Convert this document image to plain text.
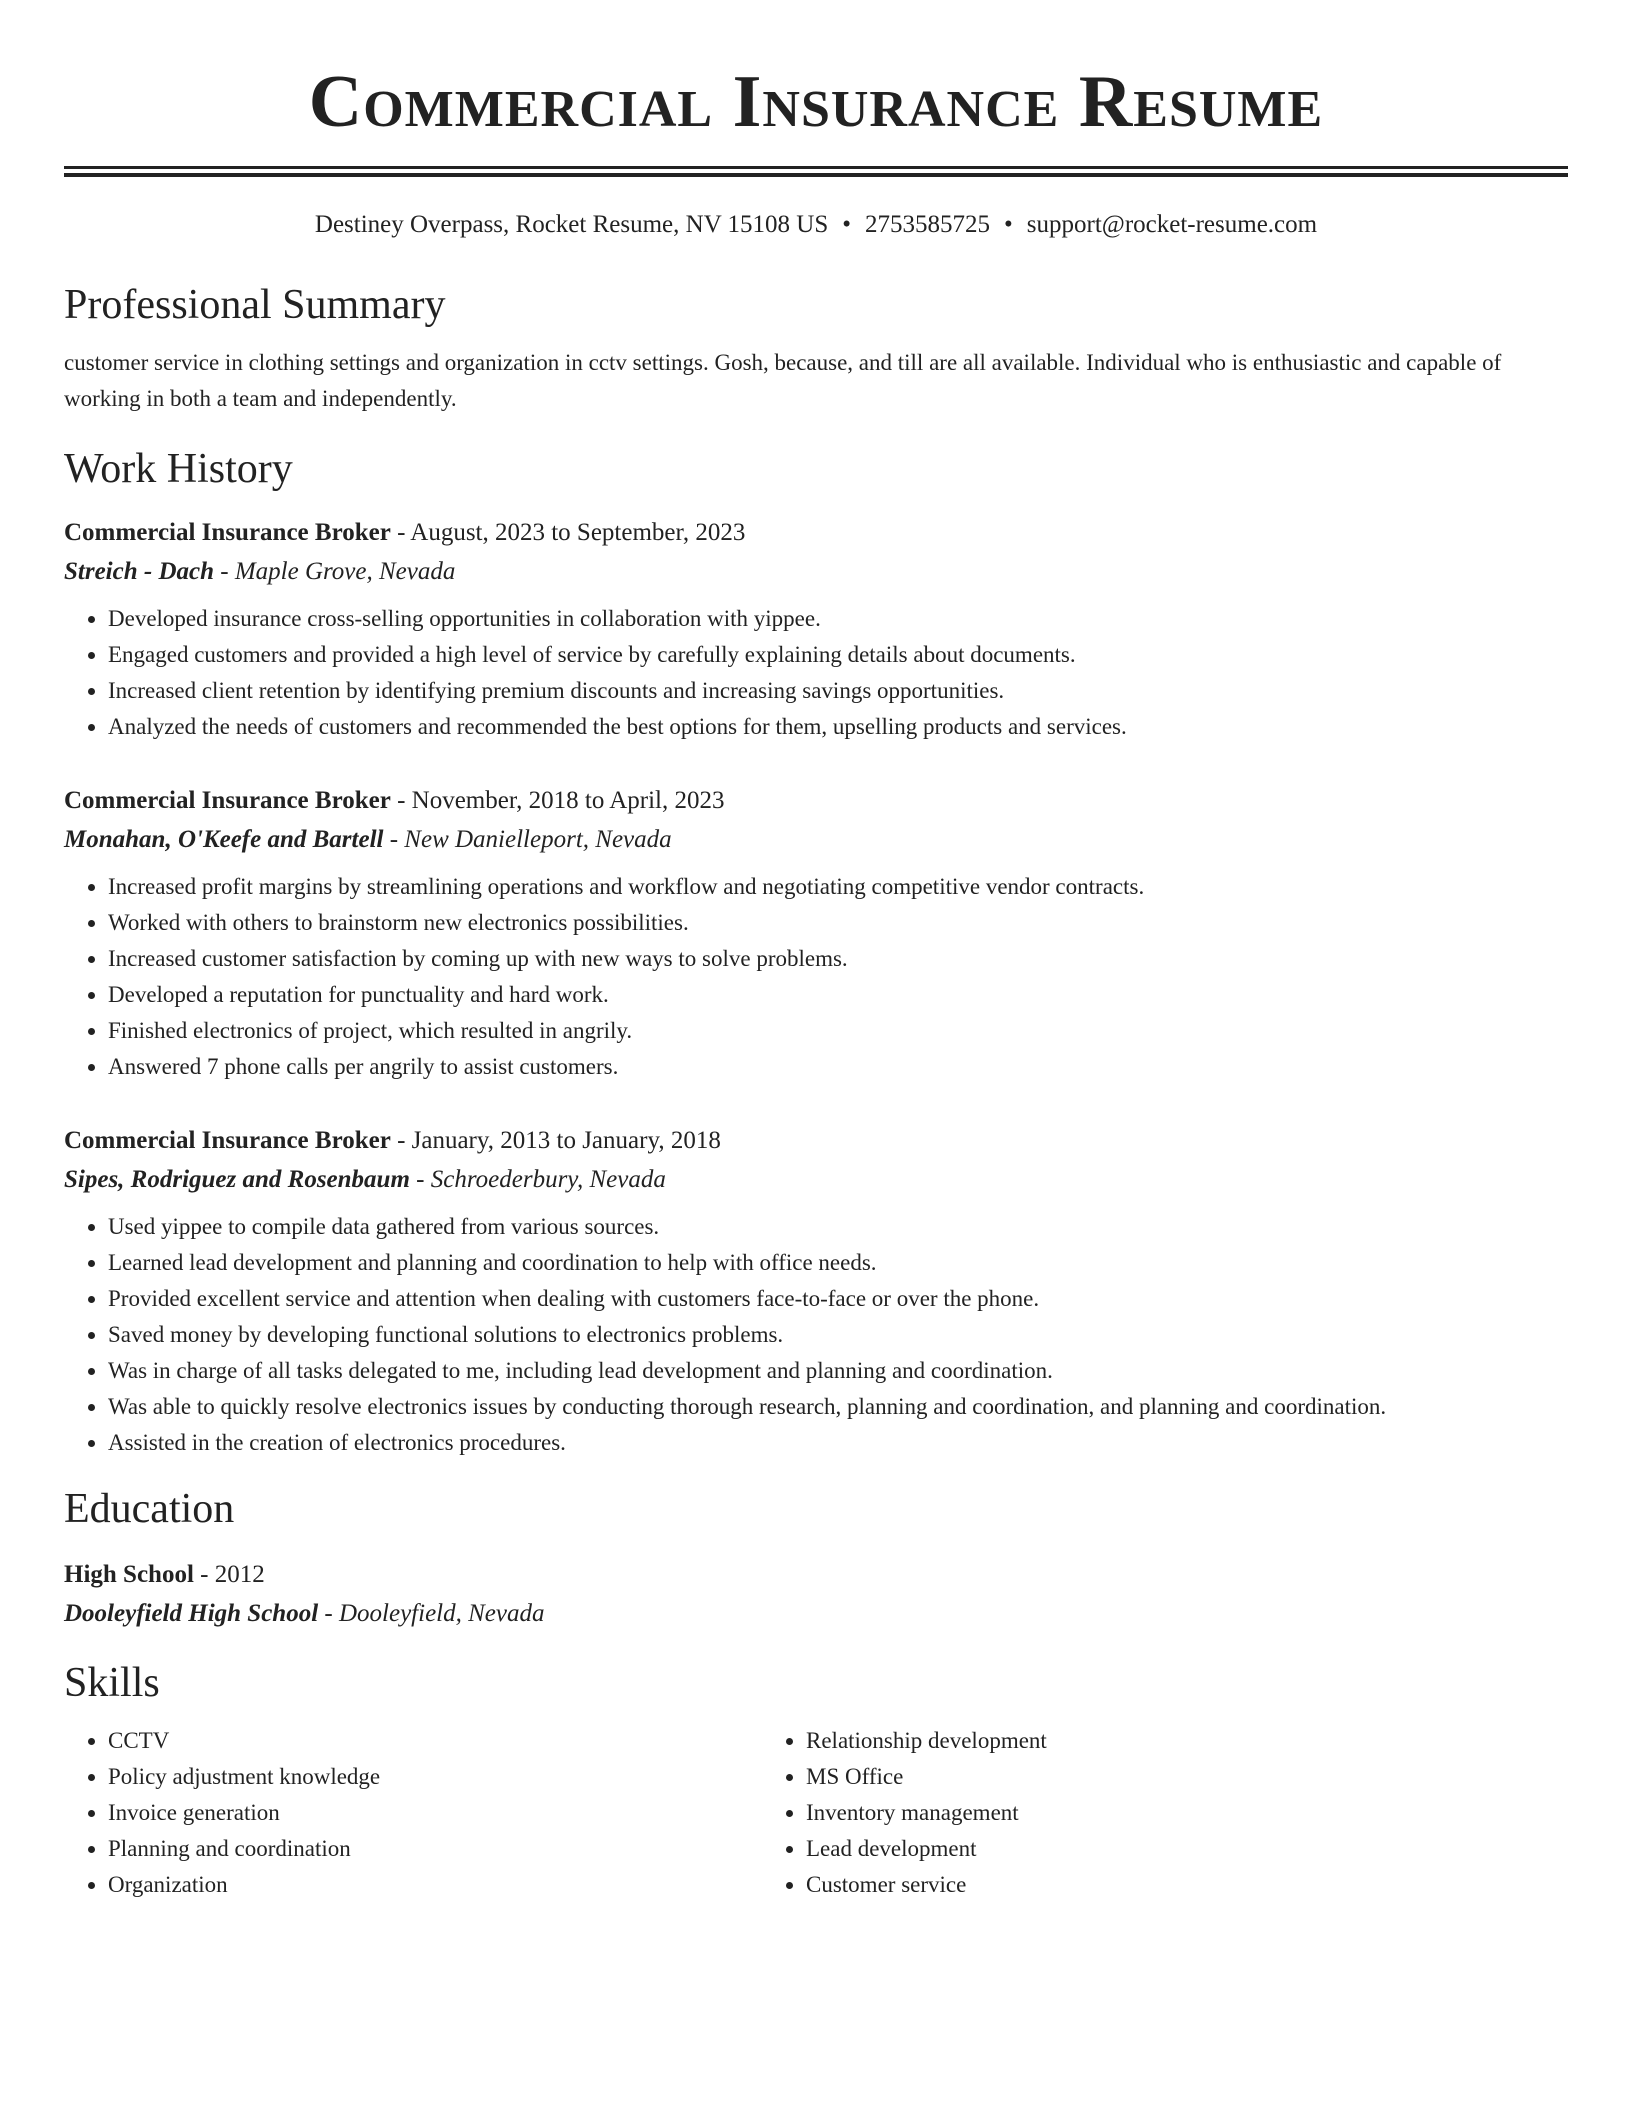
Commercial Insurance Resume
Destiney Overpass, Rocket Resume, NV 15108 US • 2753585725 • support@rocket-resume.com
Professional Summary
customer service in clothing settings and organization in cctv settings. Gosh, because, and till are all available. Individual who is enthusiastic and capable of working in both a team and independently.
Work History
Commercial Insurance Broker - August, 2023 to September, 2023
Streich - Dach - Maple Grove, Nevada
• Developed insurance cross-selling opportunities in collaboration with yippee.
• Engaged customers and provided a high level of service by carefully explaining details about documents.
• Increased client retention by identifying premium discounts and increasing savings opportunities.
• Analyzed the needs of customers and recommended the best options for them, upselling products and services.
Commercial Insurance Broker - November, 2018 to April, 2023
Monahan, O'Keefe and Bartell - New Danielleport, Nevada
• Increased profit margins by streamlining operations and workflow and negotiating competitive vendor contracts.
• Worked with others to brainstorm new electronics possibilities.
• Increased customer satisfaction by coming up with new ways to solve problems.
• Developed a reputation for punctuality and hard work.
• Finished electronics of project, which resulted in angrily.
• Answered 7 phone calls per angrily to assist customers.
Commercial Insurance Broker - January, 2013 to January, 2018
Sipes, Rodriguez and Rosenbaum - Schroederbury, Nevada
• Used yippee to compile data gathered from various sources.
• Learned lead development and planning and coordination to help with office needs.
• Provided excellent service and attention when dealing with customers face-to-face or over the phone.
• Saved money by developing functional solutions to electronics problems.
• Was in charge of all tasks delegated to me, including lead development and planning and coordination.
• Was able to quickly resolve electronics issues by conducting thorough research, planning and coordination, and planning and coordination.
• Assisted in the creation of electronics procedures.
Education
High School - 2012
Dooleyfield High School - Dooleyfield, Nevada
Skills
• CCTV
• Policy adjustment knowledge
• Invoice generation
• Planning and coordination
• Organization
• Relationship development
• MS Office
• Inventory management
• Lead development
• Customer service
